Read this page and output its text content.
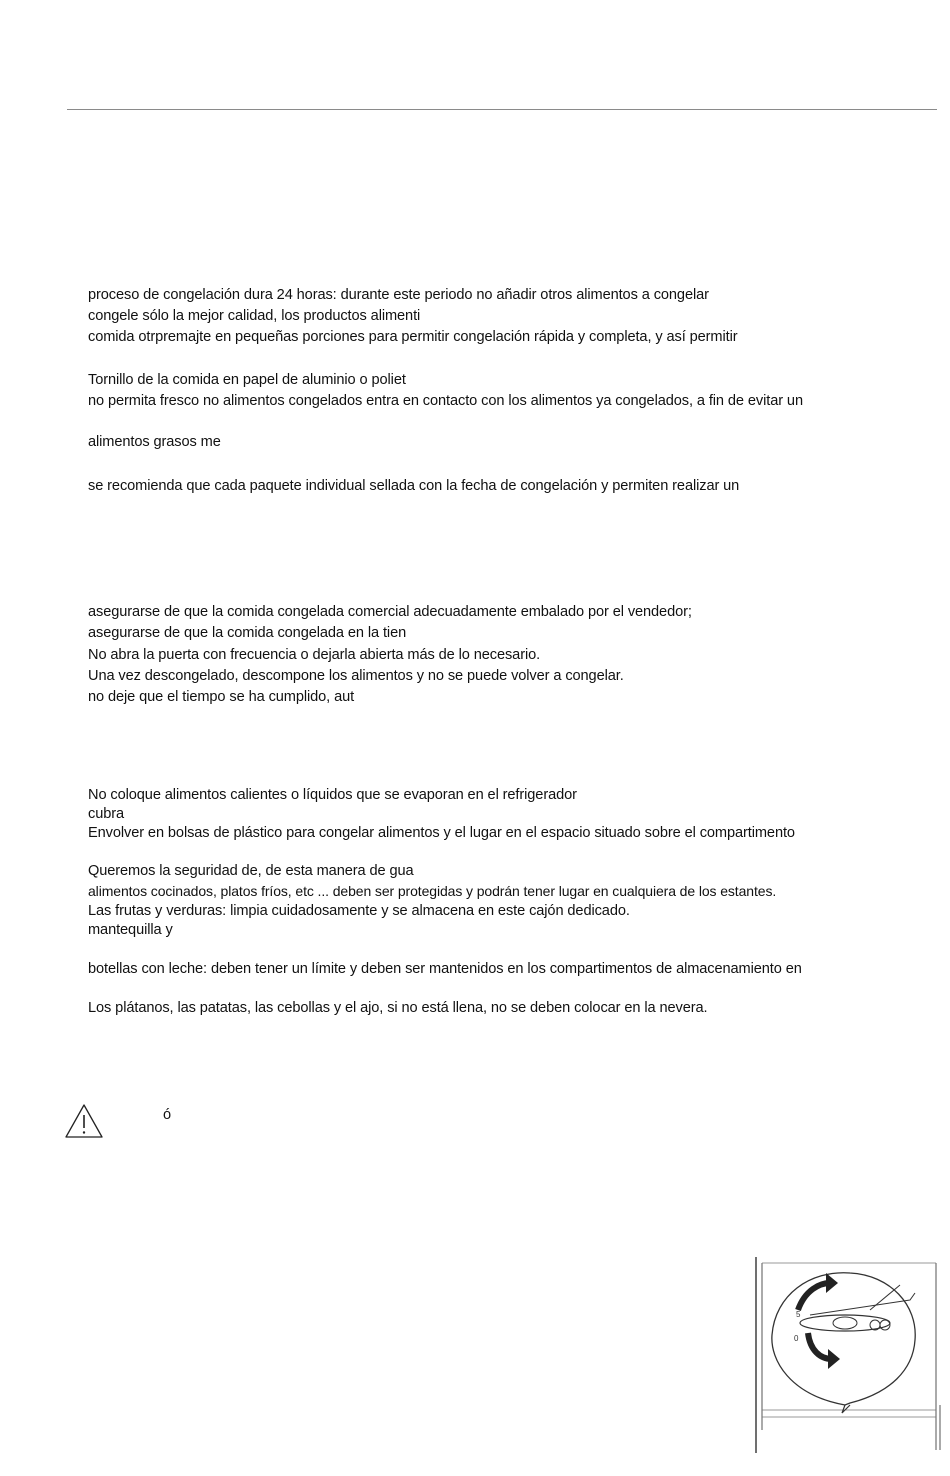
proceso de congelación dura 24 horas: durante este periodo no añadir otros alimentos a congelar
congele sólo la mejor calidad, los productos alimenti
comida otrpremajte en pequeñas porciones para permitir congelación rápida y completa, y así permitir
Tornillo de la comida en papel de aluminio o poliet
no permita fresco no alimentos congelados entra en contacto con los alimentos ya congelados, a fin de evitar un
alimentos grasos me
se recomienda que cada paquete individual sellada con la fecha de congelación y permiten realizar un
asegurarse de que la comida congelada comercial adecuadamente embalado por el vendedor;
asegurarse de que la comida congelada en la tien
No abra la puerta con frecuencia o dejarla abierta más de lo necesario.
Una vez descongelado, descompone los alimentos y no se puede volver a congelar.
no deje que el tiempo se ha cumplido, aut
No coloque alimentos calientes o líquidos que se evaporan en el refrigerador
cubra
Envolver en bolsas de plástico para congelar alimentos y el lugar en el espacio situado sobre el compartimento
Queremos la seguridad de, de esta manera de gua
alimentos cocinados, platos fríos, etc ... deben ser protegidas y podrán tener lugar en cualquiera de los estantes.
Las frutas y verduras: limpia cuidadosamente y se almacena en este cajón dedicado.
mantequilla y
botellas con leche: deben tener un límite y deben ser mantenidos en los compartimentos de almacenamiento en
Los plátanos, las patatas, las cebollas y el ajo, si no está llena, no se deben colocar en la nevera.
ó
5
0
